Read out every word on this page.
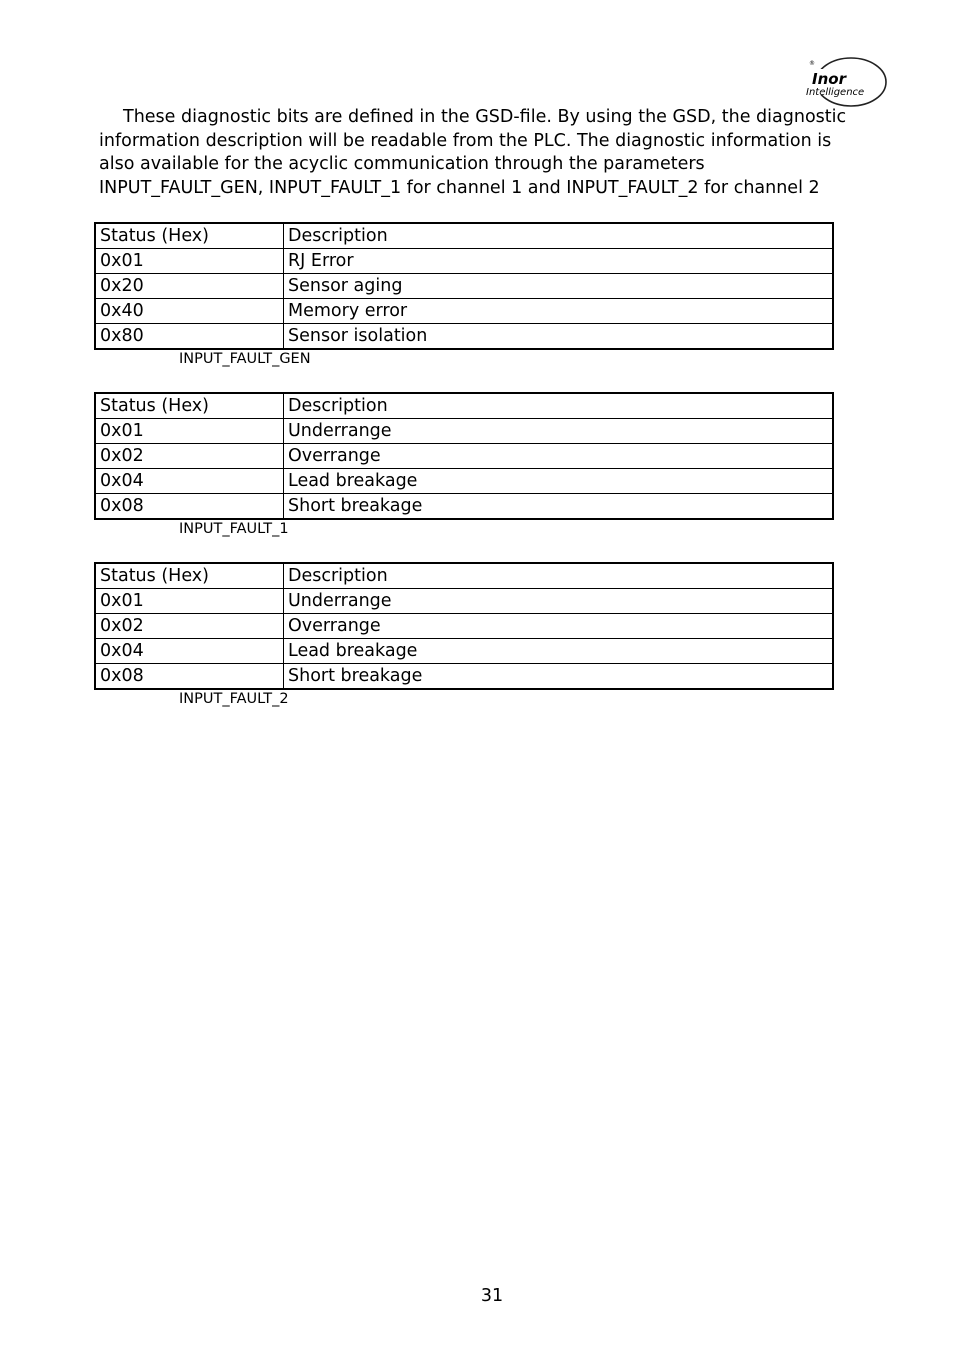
®
Inor
Intelligence

These diagnostic bits are defined in the GSD-file. By using the GSD, the diagnostic information description will be readable from the PLC. The diagnostic information is also available for the acyclic communication through the parameters INPUT_FAULT_GEN, INPUT_FAULT_1 for channel 1 and INPUT_FAULT_2 for channel 2

Status (Hex)	Description
0x01	RJ Error
0x20	Sensor aging
0x40	Memory error
0x80	Sensor isolation
INPUT_FAULT_GEN
Status (Hex)	Description
0x01	Underrange
0x02	Overrange
0x04	Lead breakage
0x08	Short breakage
INPUT_FAULT_1
Status (Hex)	Description
0x01	Underrange
0x02	Overrange
0x04	Lead breakage
0x08	Short breakage
INPUT_FAULT_2
31
